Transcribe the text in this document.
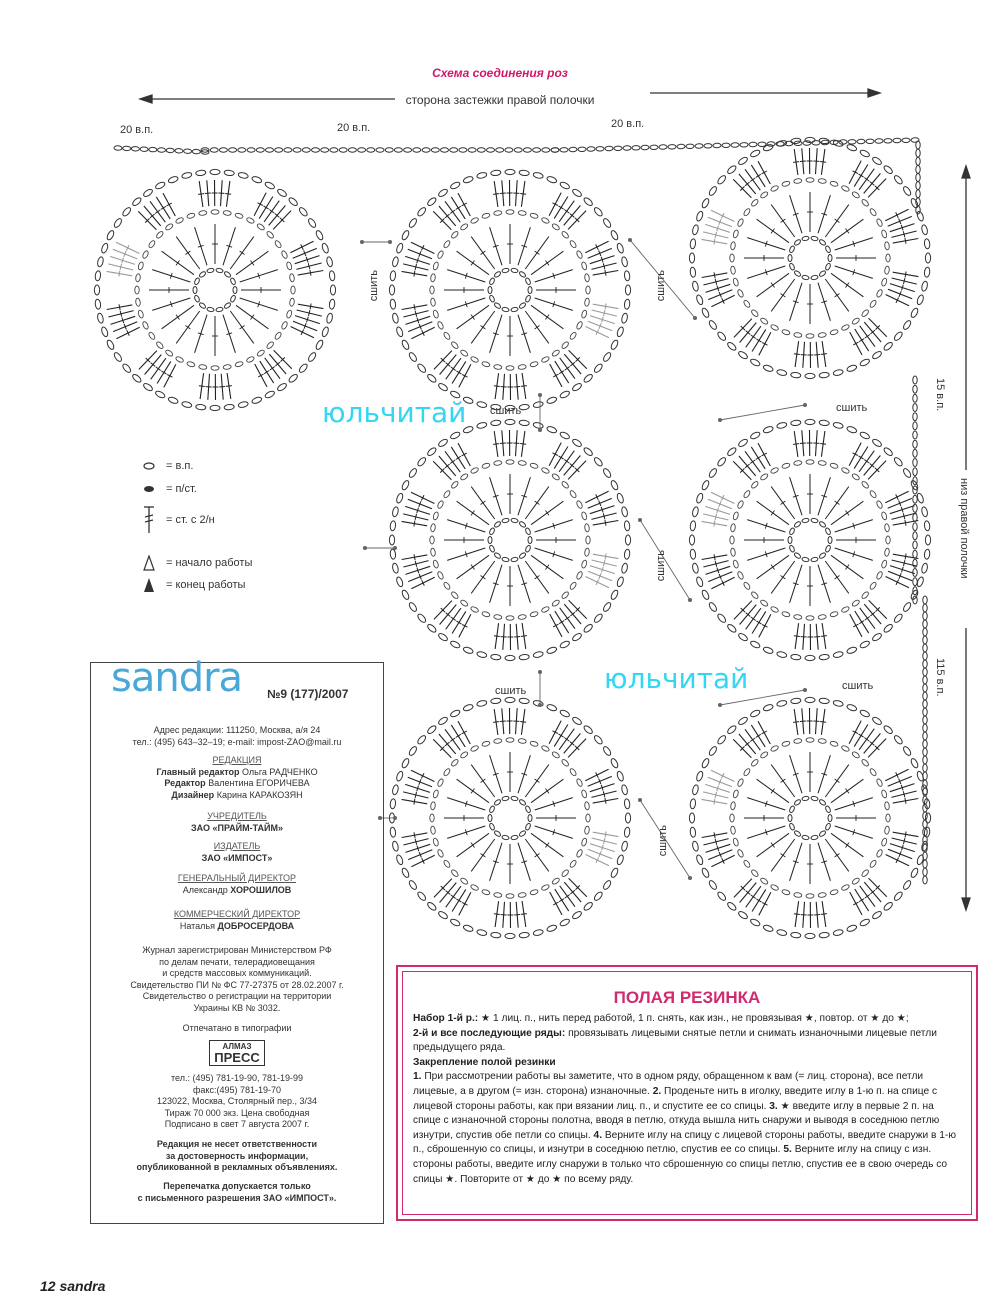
Схема соединения роз
сторона застежки правой полочки
20 в.п.	20 в.п.	20 в.п.
15 в.п.
115 в.п.
низ правой полочки
сшить	сшить
сшить	сшить
сшить
сшить	сшить
сшить
юльчитай
юльчитай
= в.п.
= п/ст.
= ст. с 2/н
= начало работы
= конец работы
sandra №9 (177)/2007
Адрес редакции: 111250, Москва, а/я 24
тел.: (495) 643–32–19; e-mail: impost-ZAO@mail.ru
РЕДАКЦИЯ
Главный редактор Ольга РАДЧЕНКО
Редактор Валентина ЕГОРИЧЕВА
Дизайнер Карина КАРАКОЗЯН
УЧРЕДИТЕЛЬ
ЗАО «ПРАЙМ-ТАЙМ»
ИЗДАТЕЛЬ
ЗАО «ИМПОСТ»
ГЕНЕРАЛЬНЫЙ ДИРЕКТОР
Александр ХОРОШИЛОВ
КОММЕРЧЕСКИЙ ДИРЕКТОР
Наталья ДОБРОСЕРДОВА
Журнал зарегистрирован Министерством РФ
по делам печати, телерадиовещания
и средств массовых коммуникаций.
Свидетельство ПИ № ФС 77-27375 от 28.02.2007 г.
Свидетельство о регистрации на территории
Украины КВ № 3032.
Отпечатано в типографии
АЛМАЗ
ПРЕСС
тел.: (495) 781-19-90, 781-19-99
факс:(495) 781-19-70
123022, Москва, Столярный пер., 3/34
Тираж 70 000 экз. Цена свободная
Подписано в свет 7 августа 2007 г.
Редакция не несет ответственности
за достоверность информации,
опубликованной в рекламных объявлениях.
Перепечатка допускается только
с письменного разрешения ЗАО «ИМПОСТ».
ПОЛАЯ РЕЗИНКА

Набор 1-й р.: ★ 1 лиц. п., нить перед работой, 1 п. снять, как изн., не провязывая ★, повтор. от ★ до ★;

2-й и все последующие ряды: провязывать лицевыми снятые петли и снимать изнаночными лицевые петли предыдущего ряда.

Закрепление полой резинки

1. При рассмотрении работы вы заметите, что в одном ряду, обращенном к вам (= лиц. сторона), все петли лицевые, а в другом (= изн. сторона) изнаночные. 2. Проденьте нить в иголку, введите иглу в 1-ю п. на спице с лицевой стороны работы, как при вязании лиц. п., и спустите ее со спицы. 3. ★ введите иглу в первые 2 п. на спице с изнаночной стороны полотна, вводя в петлю, откуда вышла нить снаружи и выводя в соседнюю петлю изнутри, спустив обе петли со спицы. 4. Верните иглу на спицу с лицевой стороны работы, введите снаружи в 1-ю п., сброшенную со спицы, и изнутри в соседнюю петлю, спустив ее со спицы. 5. Верните иглу на спицу с изн. стороны работы, введите иглу снаружи в только что сброшенную со спицы петлю, спустив ее в свою очередь со спицы ★. Повторите от ★ до ★ по всему ряду.

12 sandra
